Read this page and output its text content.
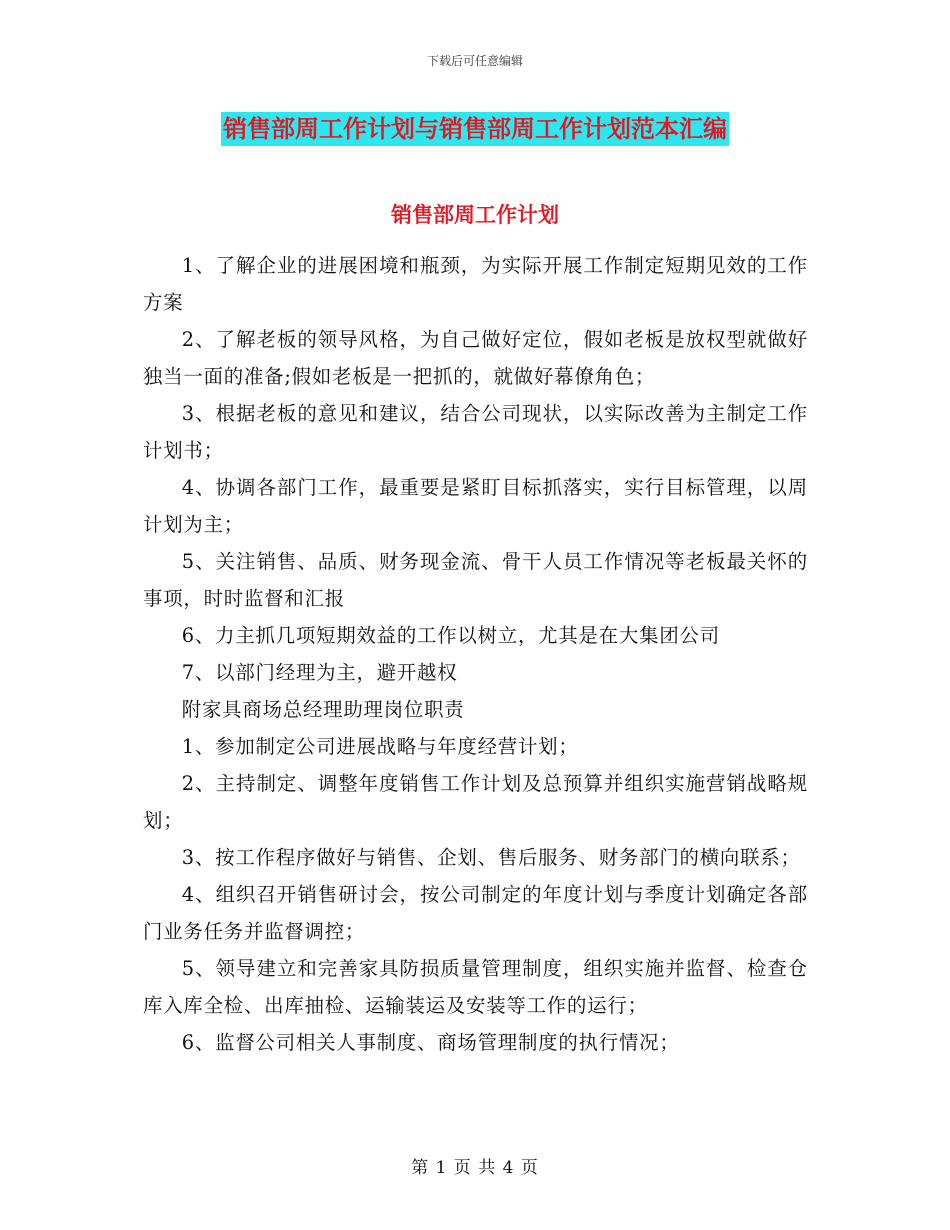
下载后可任意编辑
销售部周工作计划与销售部周工作计划范本汇编
销售部周工作计划

1、了解企业的进展困境和瓶颈，为实际开展工作制定短期见效的工作方案

2、了解老板的领导风格，为自己做好定位，假如老板是放权型就做好独当一面的准备;假如老板是一把抓的，就做好幕僚角色；

3、根据老板的意见和建议，结合公司现状，以实际改善为主制定工作计划书；

4、协调各部门工作，最重要是紧盯目标抓落实，实行目标管理，以周计划为主；

5、关注销售、品质、财务现金流、骨干人员工作情况等老板最关怀的事项，时时监督和汇报

6、力主抓几项短期效益的工作以树立，尤其是在大集团公司

7、以部门经理为主，避开越权

附家具商场总经理助理岗位职责

1、参加制定公司进展战略与年度经营计划；

2、主持制定、调整年度销售工作计划及总预算并组织实施营销战略规划；

3、按工作程序做好与销售、企划、售后服务、财务部门的横向联系；

4、组织召开销售研讨会，按公司制定的年度计划与季度计划确定各部门业务任务并监督调控；

5、领导建立和完善家具防损质量管理制度，组织实施并监督、检查仓库入库全检、出库抽检、运输装运及安装等工作的运行；

6、监督公司相关人事制度、商场管理制度的执行情况；

第 1 页 共 4 页
